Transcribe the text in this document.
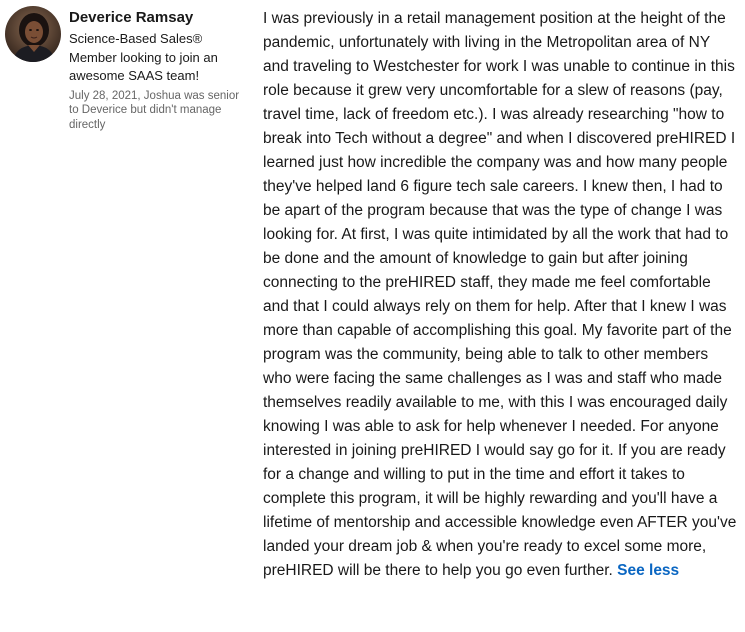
Deverice Ramsay
Science-Based Sales® Member looking to join an awesome SAAS team!
July 28, 2021, Joshua was senior to Deverice but didn't manage directly

I was previously in a retail management position at the height of the pandemic, unfortunately with living in the Metropolitan area of NY and traveling to Westchester for work I was unable to continue in this role because it grew very uncomfortable for a slew of reasons (pay, travel time, lack of freedom etc.). I was already researching "how to break into Tech without a degree" and when I discovered preHIRED I learned just how incredible the company was and how many people they've helped land 6 figure tech sale careers. I knew then, I had to be apart of the program because that was the type of change I was looking for. At first, I was quite intimidated by all the work that had to be done and the amount of knowledge to gain but after joining connecting to the preHIRED staff, they made me feel comfortable and that I could always rely on them for help. After that I knew I was more than capable of accomplishing this goal. My favorite part of the program was the community, being able to talk to other members who were facing the same challenges as I was and staff who made themselves readily available to me, with this I was encouraged daily knowing I was able to ask for help whenever I needed. For anyone interested in joining preHIRED I would say go for it. If you are ready for a change and willing to put in the time and effort it takes to complete this program, it will be highly rewarding and you'll have a lifetime of mentorship and accessible knowledge even AFTER you've landed your dream job & when you're ready to excel some more, preHIRED will be there to help you go even further. See less
